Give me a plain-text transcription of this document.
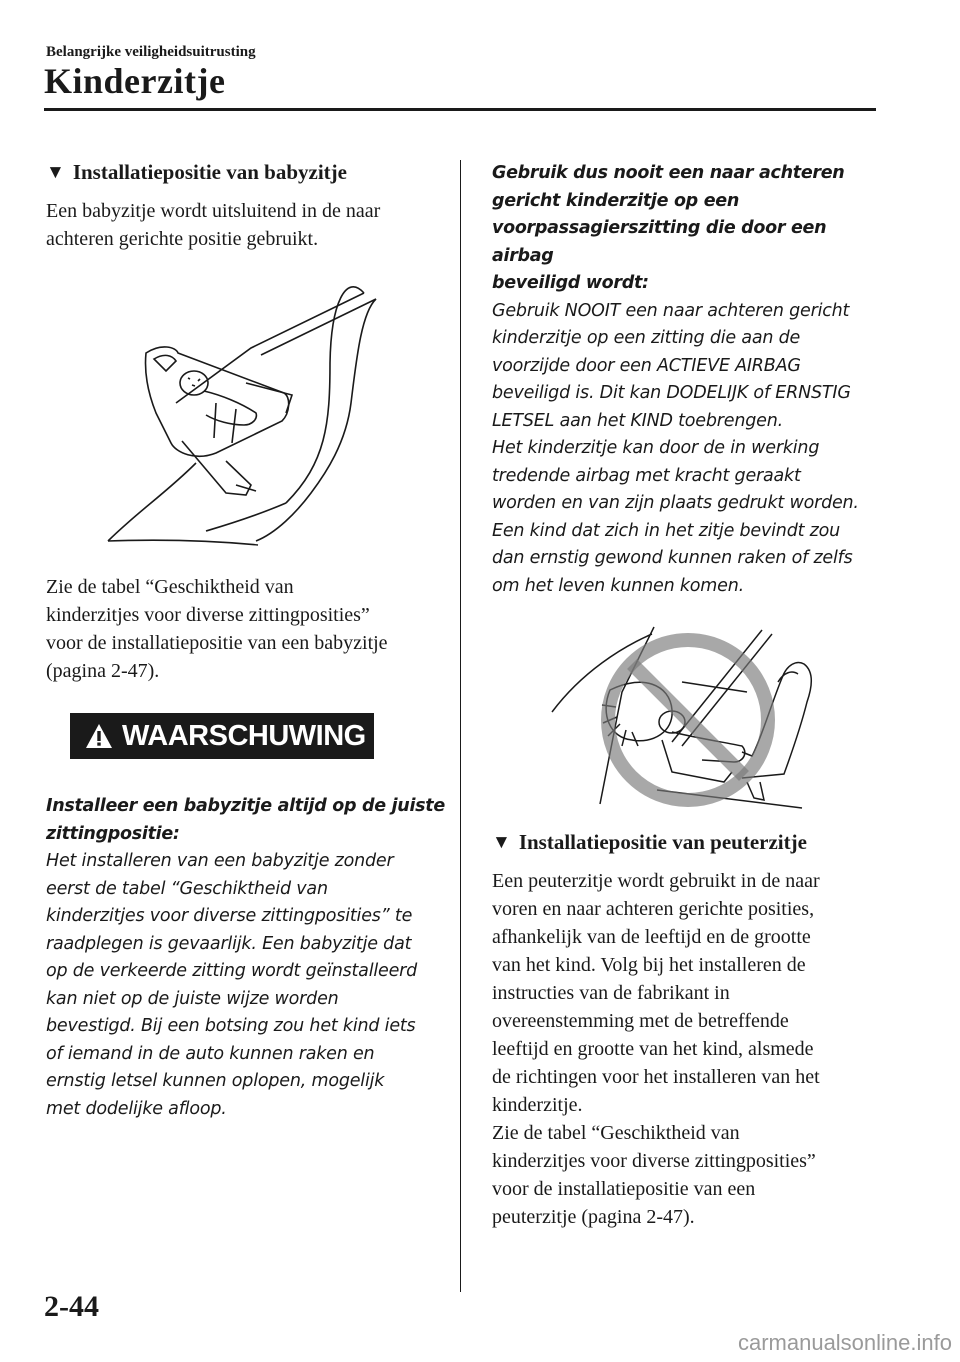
Belangrijke veiligheidsuitrusting
Kinderzitje
▼ Installatiepositie van babyzitje

Een babyzitje wordt uitsluitend in de naar
achteren gerichte positie gebruikt.

Zie de tabel “Geschiktheid van
kinderzitjes voor diverse zittingposities”
voor de installatiepositie van een babyzitje
(pagina 2-47).

WAARSCHUWING

Installeer een babyzitje altijd op de juiste
zittingpositie:

Het installeren van een babyzitje zonder
eerst de tabel “Geschiktheid van
kinderzitjes voor diverse zittingposities” te
raadplegen is gevaarlijk. Een babyzitje dat
op de verkeerde zitting wordt geïnstalleerd
kan niet op de juiste wijze worden
bevestigd. Bij een botsing zou het kind iets
of iemand in de auto kunnen raken en
ernstig letsel kunnen oplopen, mogelijk
met dodelijke afloop.

Gebruik dus nooit een naar achteren
gericht kinderzitje op een
voorpassagierszitting die door een airbag
beveiligd wordt:

Gebruik NOOIT een naar achteren gericht
kinderzitje op een zitting die aan de
voorzijde door een ACTIEVE AIRBAG
beveiligd is. Dit kan DODELIJK of ERNSTIG
LETSEL aan het KIND toebrengen.
Het kinderzitje kan door de in werking
tredende airbag met kracht geraakt
worden en van zijn plaats gedrukt worden.
Een kind dat zich in het zitje bevindt zou
dan ernstig gewond kunnen raken of zelfs
om het leven kunnen komen.

▼ Installatiepositie van peuterzitje

Een peuterzitje wordt gebruikt in de naar
voren en naar achteren gerichte posities,
afhankelijk van de leeftijd en de grootte
van het kind. Volg bij het installeren de
instructies van de fabrikant in
overeenstemming met de betreffende
leeftijd en grootte van het kind, alsmede
de richtingen voor het installeren van het
kinderzitje.
Zie de tabel “Geschiktheid van
kinderzitjes voor diverse zittingposities”
voor de installatiepositie van een
peuterzitje (pagina 2-47).

2-44
carmanualsonline.info
